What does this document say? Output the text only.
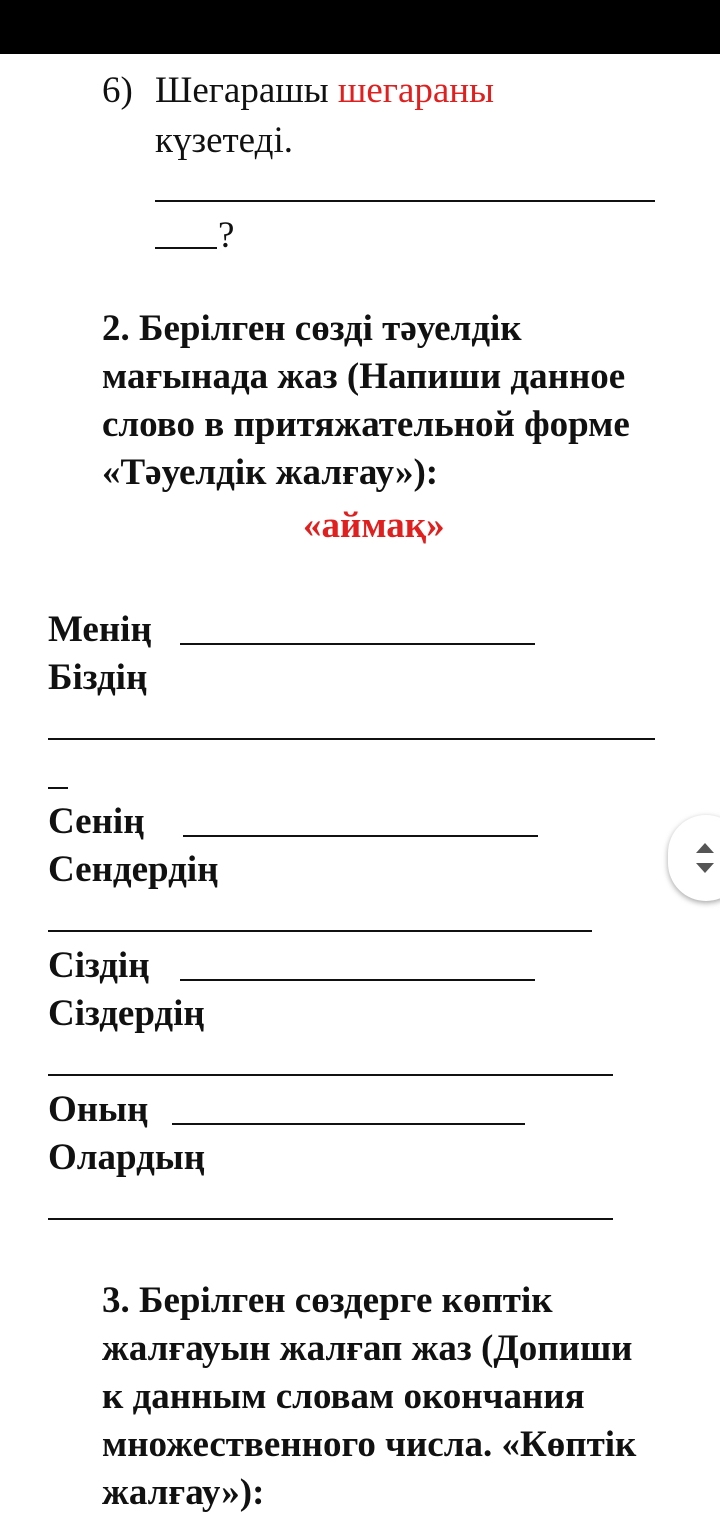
6) Шегарашы шегараны
күзетеді.
?
2. Берілген сөзді тәуелдік
мағынада жаз (Напиши данное
слово в притяжательной форме
«Тәуелдік жалғау»):
«аймақ»
Менің
Біздің
Сенің
Сендердің
Сіздің
Сіздердің
Оның
Олардың
3. Берілген сөздерге көптік
жалғауын жалғап жаз (Допиши
к данным словам окончания
множественного числа. «Көптік
жалғау»):
